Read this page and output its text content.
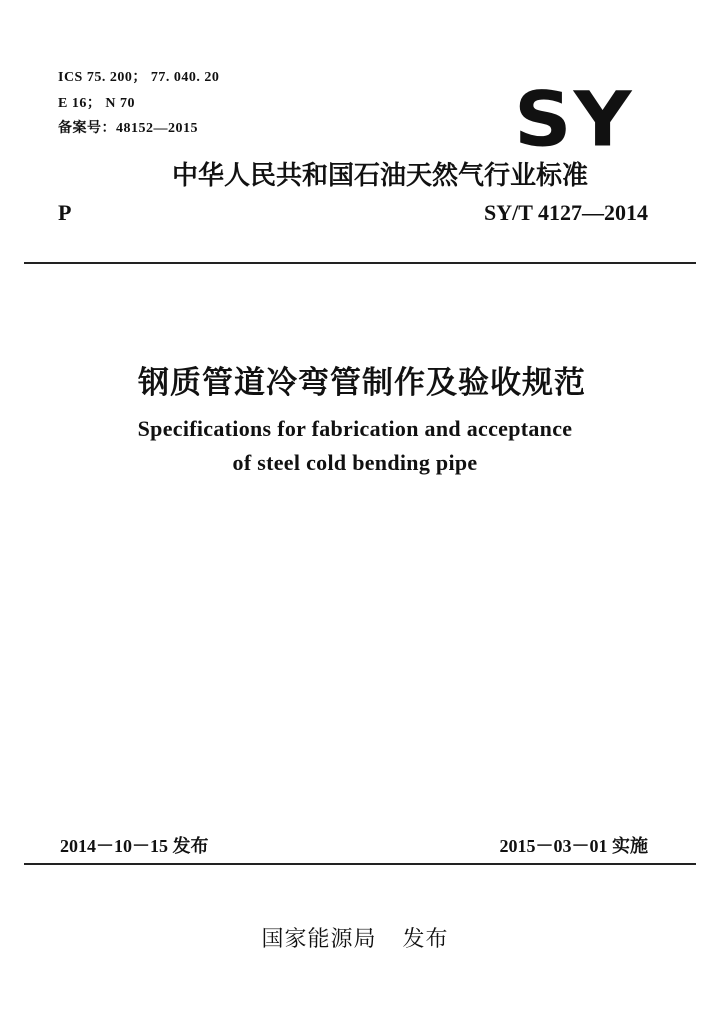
ICS 75. 200； 77. 040. 20
E 16； N 70
备案号：48152—2015	SY
中华人民共和国石油天然气行业标准
P	SY/T 4127—2014
钢质管道冷弯管制作及验收规范
Specifications for fabrication and acceptance
of steel cold bending pipe
2014－10－15 发布	2015－03－01 实施
国家能源局 发布
